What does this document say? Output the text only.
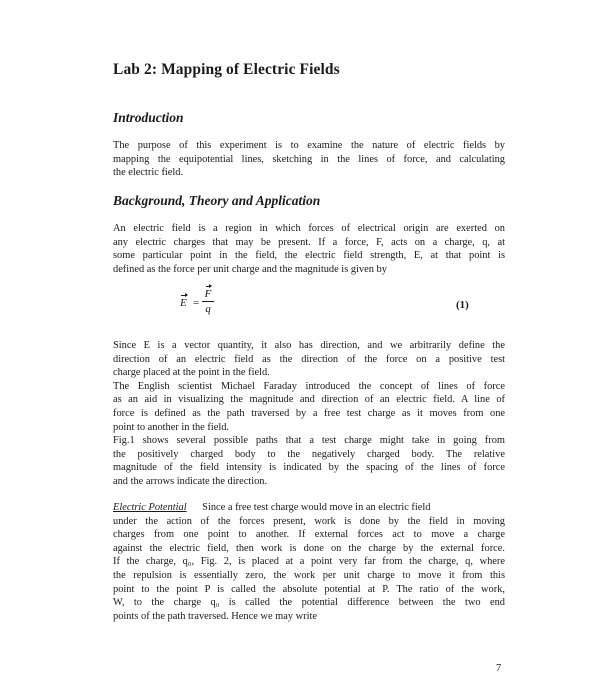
Lab 2: Mapping of Electric Fields
Introduction

The purpose of this experiment is to examine the nature of electric fields by
mapping the equipotential lines, sketching in the lines of force, and calculating
the electric field.

Background, Theory and Application

An electric field is a region in which forces of electrical origin are exerted on
any electric charges that may be present. If a force, F, acts on a charge, q, at
some particular point in the field, the electric field strength, E, at that point is
defined as the force per unit charge and the magnitude is given by

E =
F
q	(1)

Since E is a vector quantity, it also has direction, and we arbitrarily define the
direction of an electric field as the direction of the force on a positive test
charge placed at the point in the field.
The English scientist Michael Faraday introduced the concept of lines of force
as an aid in visualizing the magnitude and direction of an electric field. A line of
force is defined as the path traversed by a free test charge as it moves from one
point to another in the field.
Fig.1 shows several possible paths that a test charge might take in going from
the positively charged body to the negatively charged body. The relative
magnitude of the field intensity is indicated by the spacing of the lines of force
and the arrows indicate the direction.

Electric Potential Since a free test charge would move in an electric field
under the action of the forces present, work is done by the field in moving
charges from one point to another. If external forces act to move a charge
against the electric field, then work is done on the charge by the external force.
If the charge, q₀, Fig. 2, is placed at a point very far from the charge, q, where
the repulsion is essentially zero, the work per unit charge to move it from this
point to the point P is called the absolute potential at P. The ratio of the work,
W, to the charge q₀ is called the potential difference between the two end
points of the path traversed. Hence we may write

7
